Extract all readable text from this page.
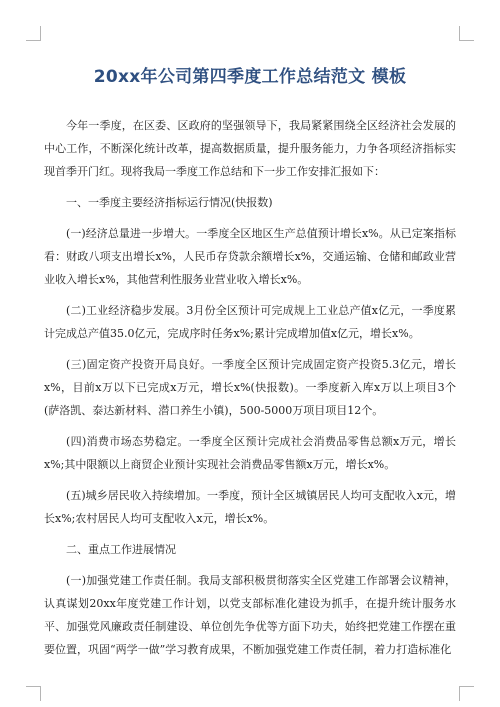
20xx年公司第四季度工作总结范文 模板

今年一季度，在区委、区政府的坚强领导下，我局紧紧围绕全区经济社会发展的中心工作，不断深化统计改革，提高数据质量，提升服务能力，力争各项经济指标实现首季开门红。现将我局一季度工作总结和下一步工作安排汇报如下：

一、一季度主要经济指标运行情况(快报数)

(一)经济总量进一步增大。一季度全区地区生产总值预计增长x%。从已定案指标看：财政八项支出增长x%，人民币存贷款余额增长x%，交通运输、仓储和邮政业营业收入增长x%，其他营利性服务业营业收入增长x%。

(二)工业经济稳步发展。3月份全区预计可完成规上工业总产值x亿元，一季度累计完成总产值35.0亿元，完成序时任务x%;累计完成增加值x亿元，增长x%。

(三)固定资产投资开局良好。一季度全区预计完成固定资产投资5.3亿元，增长x%，目前x万以下已完成x万元，增长x%(快报数)。一季度新入库x万以上项目3个(萨洛凯、泰达新材料、潜口养生小镇)，500-5000万项目项目12个。

(四)消费市场态势稳定。一季度全区预计完成社会消费品零售总额x万元，增长x%;其中限额以上商贸企业预计实现社会消费品零售额x万元，增长x%。

(五)城乡居民收入持续增加。一季度，预计全区城镇居民人均可支配收入x元，增长x%;农村居民人均可支配收入x元，增长x%。

二、重点工作进展情况

(一)加强党建工作责任制。我局支部积极贯彻落实全区党建工作部署会议精神，认真谋划20xx年度党建工作计划，以党支部标准化建设为抓手，在提升统计服务水平、加强党风廉政责任制建设、单位创先争优等方面下功夫，始终把党建工作摆在重要位置，巩固“两学一做”学习教育成果，不断加强党建工作责任制，着力打造标准化
